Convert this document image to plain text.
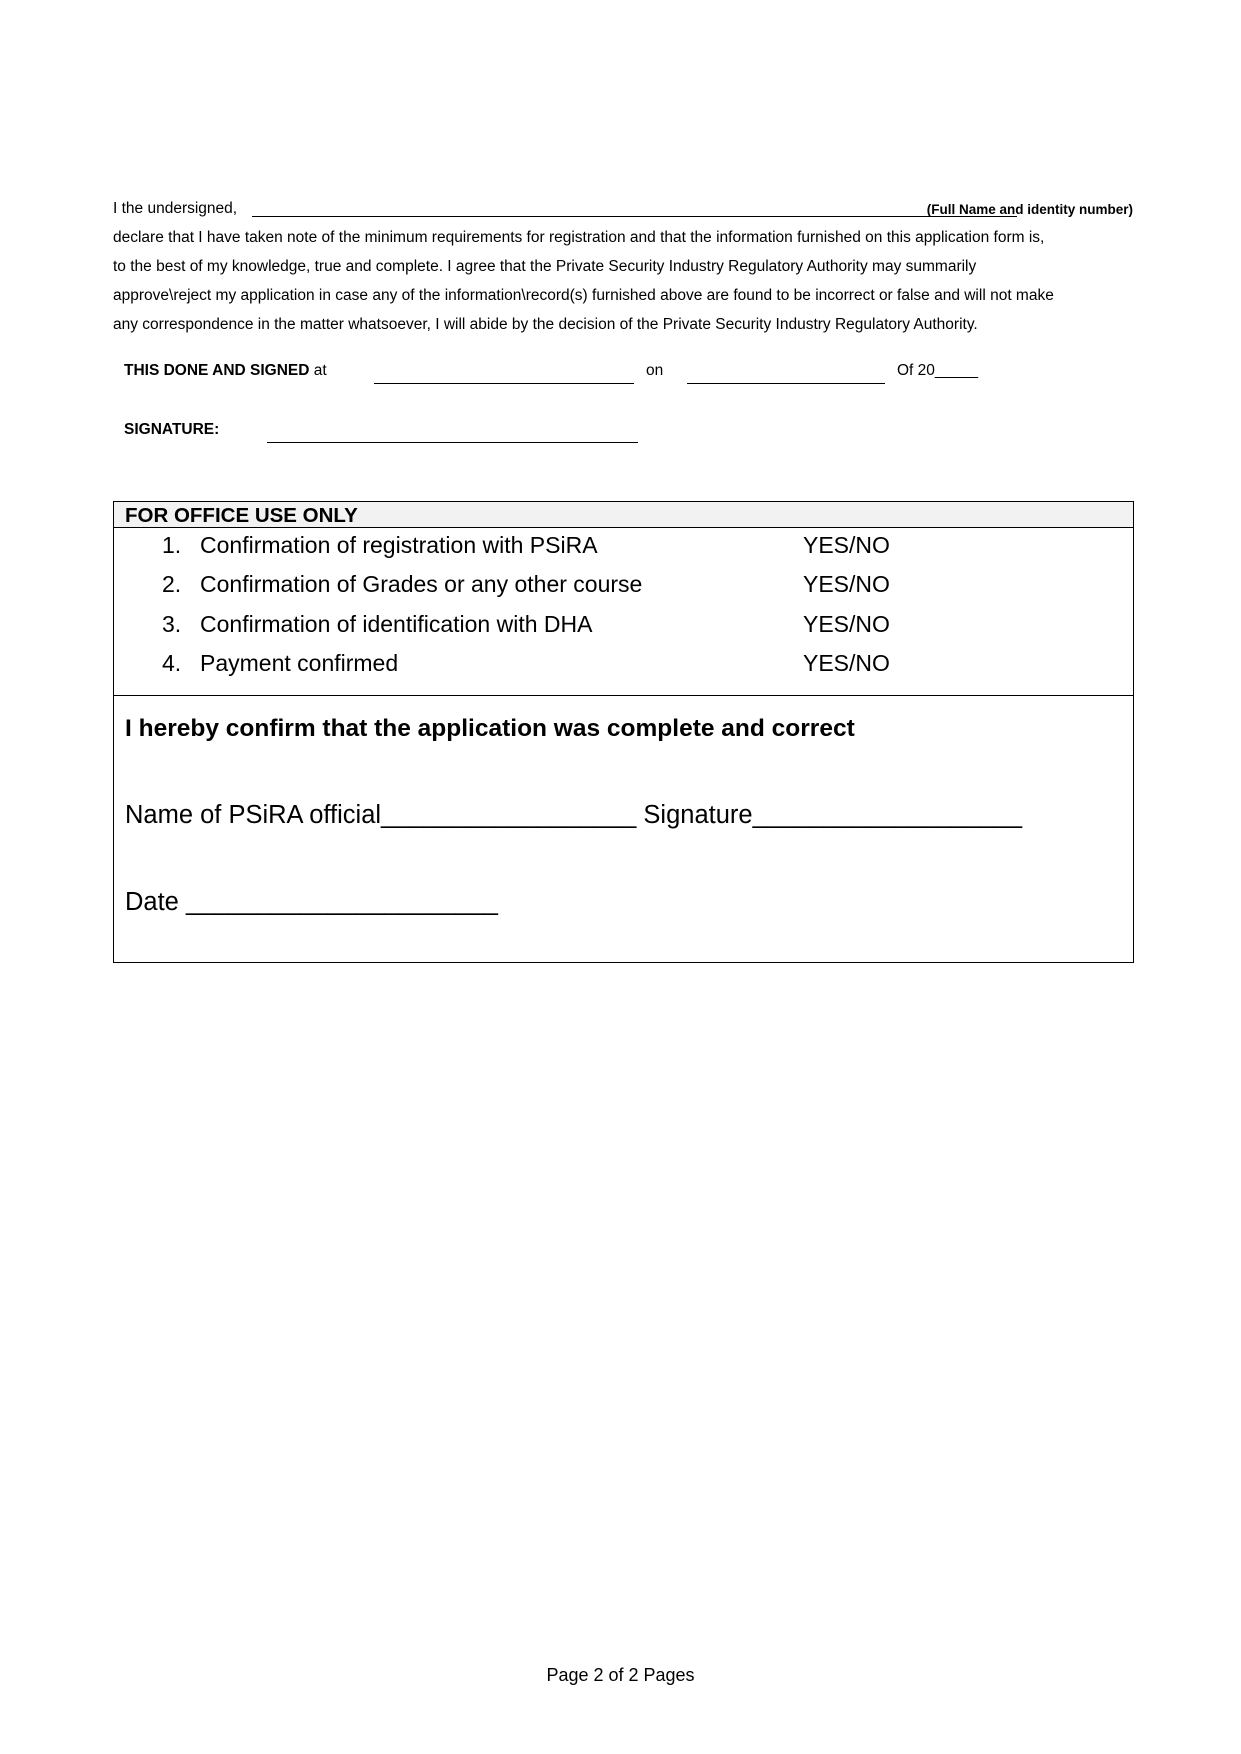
I the undersigned,	(Full Name and identity number)
declare that I have taken note of the minimum requirements for registration and that the information furnished on this application form is,
to the best of my knowledge, true and complete. I agree that the Private Security Industry Regulatory Authority may summarily
approve\reject my application in case any of the information\record(s) furnished above are found to be incorrect or false and will not make
any correspondence in the matter whatsoever, I will abide by the decision of the Private Security Industry Regulatory Authority.
THIS DONE AND SIGNED at	on	Of 20_____
SIGNATURE:
FOR OFFICE USE ONLY
1. Confirmation of registration with PSiRA	YES/NO
2. Confirmation of Grades or any other course	YES/NO
3. Confirmation of identification with DHA	YES/NO
4. Payment confirmed	YES/NO
I hereby confirm that the application was complete and correct
Name of PSiRA official__________________ Signature___________________
Date ______________________
Page 2 of 2 Pages
